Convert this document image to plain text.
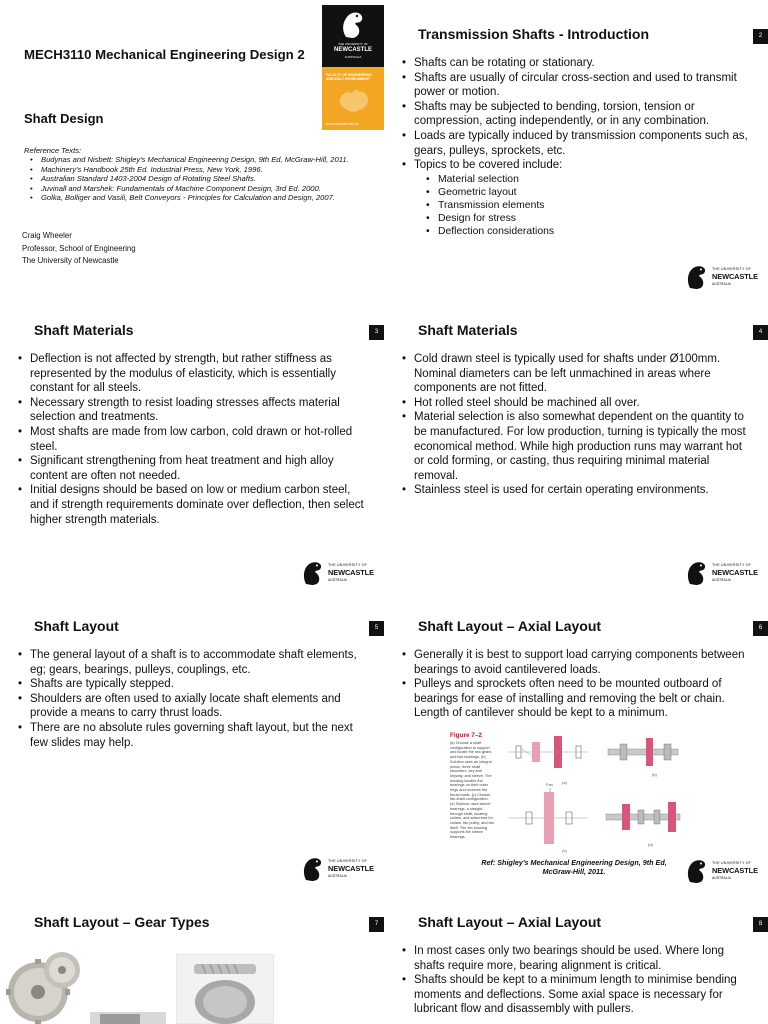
MECH3110 Mechanical Engineering Design 2
THE UNIVERSITY OF
NEWCASTLE
AUSTRALIA
FACULTY OF ENGINEERING AND BUILT ENVIRONMENT
www.newcastle.edu.au
Shaft Design
Reference Texts:
• Budynas and Nisbett: Shigley's Mechanical Engineering Design, 9th Ed, McGraw-Hill, 2011.
• Machinery's Handbook 25th Ed. Industrial Press, New York, 1996.
• Australian Standard 1403-2004 Design of Rotating Steel Shafts.
• Juvinall and Marshek: Fundamentals of Machine Component Design, 3rd Ed. 2000.
• Golka, Bolliger and Vasili, Belt Conveyors - Principles for Calculation and Design, 2007.
Craig Wheeler
Professor, School of Engineering
The University of Newcastle
Transmission Shafts - Introduction	2
• Shafts can be rotating or stationary.
• Shafts are usually of circular cross-section and used to transmit power or motion.
• Shafts may be subjected to bending, torsion, tension or compression, acting independently, or in any combination.
• Loads are typically induced by transmission components such as, gears, pulleys, sprockets, etc.
• Topics to be covered include:
• Material selection
• Geometric layout
• Transmission elements
• Design for stress
• Deflection considerations
THE UNIVERSITY OF
NEWCASTLE
AUSTRALIA
Shaft Materials	3
• Deflection is not affected by strength, but rather stiffness as represented by the modulus of elasticity, which is essentially constant for all steels.
• Necessary strength to resist loading stresses affects material selection and treatments.
• Most shafts are made from low carbon, cold drawn or hot-rolled steel.
• Significant strengthening from heat treatment and high alloy content are often not needed.
• Initial designs should be based on low or medium carbon steel, and if strength requirements dominate over deflection, then select higher strength materials.
THE UNIVERSITY OF
NEWCASTLE
AUSTRALIA
Shaft Materials	4
• Cold drawn steel is typically used for shafts under Ø100mm. Nominal diameters can be left unmachined in areas where components are not fitted.
• Hot rolled steel should be machined all over.
• Material selection is also somewhat dependent on the quantity to be manufactured. For low production, turning is typically the most economical method. While high production runs may warrant hot or cold forming, or casting, thus requiring minimal material removal.
• Stainless steel is used for certain operating environments.
THE UNIVERSITY OF
NEWCASTLE
AUSTRALIA
Shaft Layout	5
• The general layout of a shaft is to accommodate shaft elements, eg; gears, bearings, pulleys, couplings, etc.
• Shafts are typically stepped.
• Shoulders are often used to axially locate shaft elements and provide a means to carry thrust loads.
• There are no absolute rules governing shaft layout, but the next few slides may help.
THE UNIVERSITY OF
NEWCASTLE
AUSTRALIA
Shaft Layout – Axial Layout	6
• Generally it is best to support load carrying components between bearings to avoid cantilevered loads.
• Pulleys and sprockets often need to be mounted outboard of bearings for ease of installing and removing the belt or chain. Length of cantilever should be kept to a minimum.
Figure 7–2
(a) Choose a shaft configuration to support and locate the two gears and two bearings. (b) Solution uses an integral pinion, three shaft shoulders, key and keyway, and sleeve. The housing locates the bearings on their outer rings and receives the thrust loads. (c) Choose fan-shaft configuration. (d) Solution uses sleeve bearings, a straight-through shaft, locating collars, and setscrews for collars, fan pulley, and fan itself. The fan housing supports the sleeve bearings.
(a)
(b)
(c)
(d)
Fan
Ref: Shigley's Mechanical Engineering Design, 9th Ed, McGraw-Hill, 2011.
THE UNIVERSITY OF
NEWCASTLE
AUSTRALIA
Shaft Layout – Gear Types	7	Shaft Layout – Axial Layout	8
• In most cases only two bearings should be used. Where long shafts require more, bearing alignment is critical.
• Shafts should be kept to a minimum length to minimise bending moments and deflections. Some axial space is necessary for lubricant flow and disassembly with pullers.
